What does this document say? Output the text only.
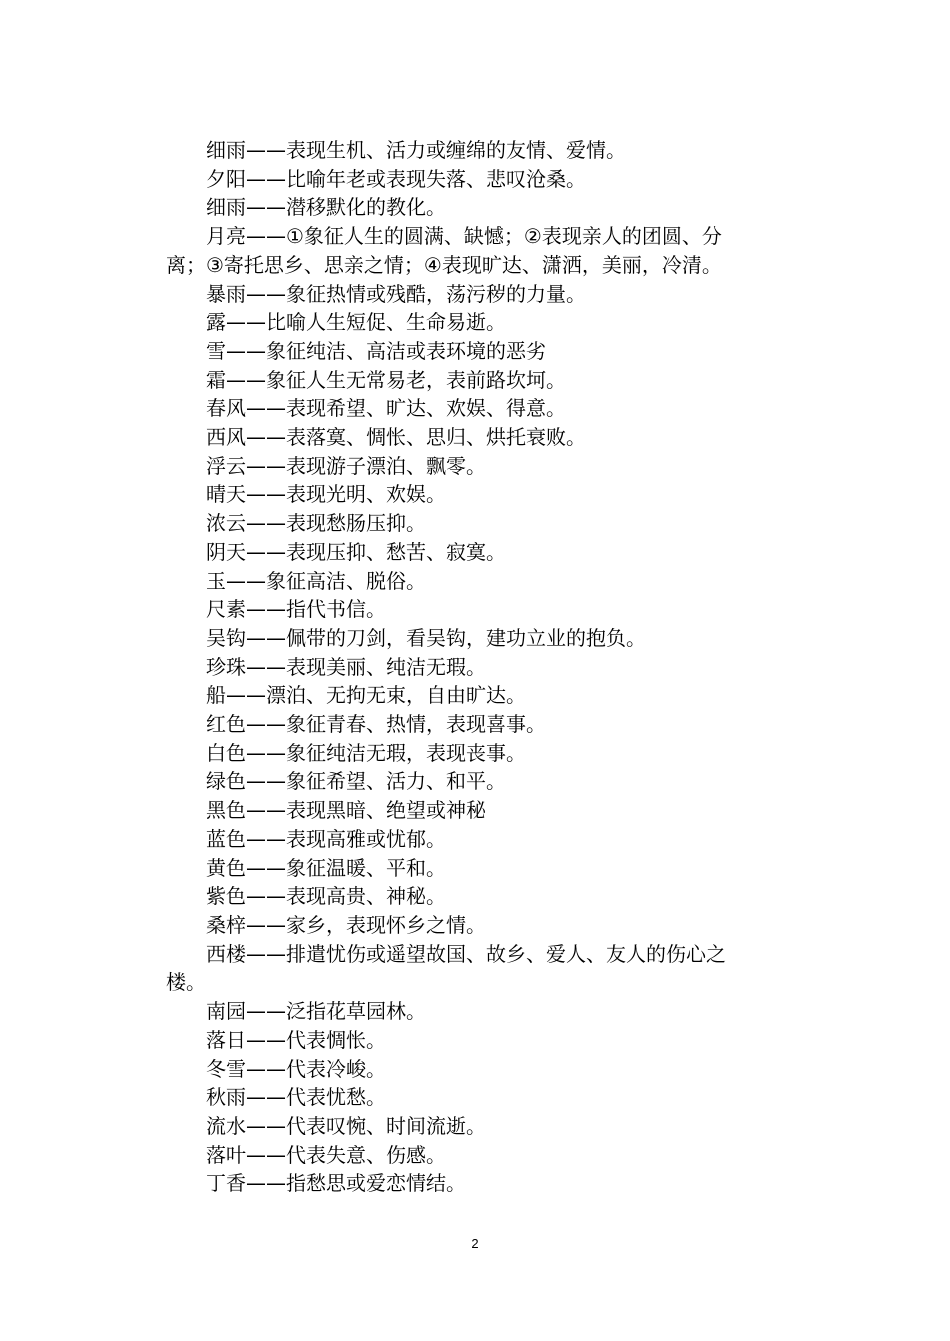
细雨——表现生机、活力或缠绵的友情、爱情。

夕阳——比喻年老或表现失落、悲叹沧桑。

细雨——潜移默化的教化。

月亮——①象征人生的圆满、缺憾；②表现亲人的团圆、分离；③寄托思乡、思亲之情；④表现旷达、潇洒，美丽，冷清。

暴雨——象征热情或残酷，荡污秽的力量。

露——比喻人生短促、生命易逝。

雪——象征纯洁、高洁或表环境的恶劣

霜——象征人生无常易老，表前路坎坷。

春风——表现希望、旷达、欢娱、得意。

西风——表落寞、惆怅、思归、烘托衰败。

浮云——表现游子漂泊、飘零。

晴天——表现光明、欢娱。

浓云——表现愁肠压抑。

阴天——表现压抑、愁苦、寂寞。

玉——象征高洁、脱俗。

尺素——指代书信。

吴钩——佩带的刀剑，看吴钩，建功立业的抱负。

珍珠——表现美丽、纯洁无瑕。

船——漂泊、无拘无束，自由旷达。

红色——象征青春、热情，表现喜事。

白色——象征纯洁无瑕，表现丧事。

绿色——象征希望、活力、和平。

黑色——表现黑暗、绝望或神秘

蓝色——表现高雅或忧郁。

黄色——象征温暖、平和。

紫色——表现高贵、神秘。

桑梓——家乡，表现怀乡之情。

西楼——排遣忧伤或遥望故国、故乡、爱人、友人的伤心之楼。

南园——泛指花草园林。

落日——代表惆怅。

冬雪——代表冷峻。

秋雨——代表忧愁。

流水——代表叹惋、时间流逝。

落叶——代表失意、伤感。

丁香——指愁思或爱恋情结。

2
